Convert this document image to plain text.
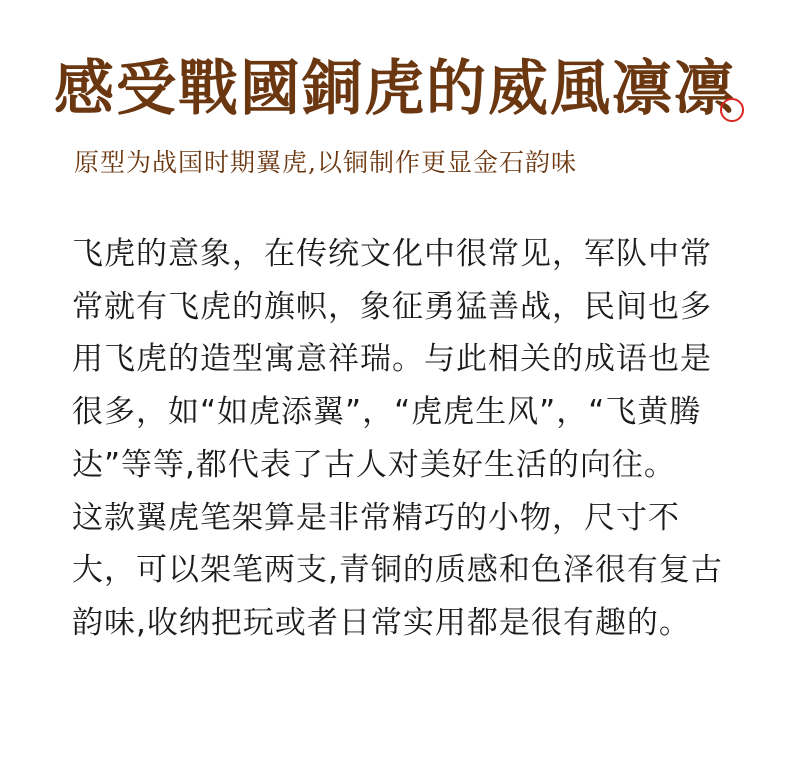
感受戰國銅虎的威風凛凛
原型为战国时期翼虎,以铜制作更显金石韵味

飞虎的意象，在传统文化中很常见，军队中常常就有飞虎的旗帜，象征勇猛善战，民间也多用飞虎的造型寓意祥瑞。与此相关的成语也是很多，如“如虎添翼”，“虎虎生风”，“飞黄腾达”等等,都代表了古人对美好生活的向往。

这款翼虎笔架算是非常精巧的小物，尺寸不大，可以架笔两支,青铜的质感和色泽很有复古韵味,收纳把玩或者日常实用都是很有趣的。
